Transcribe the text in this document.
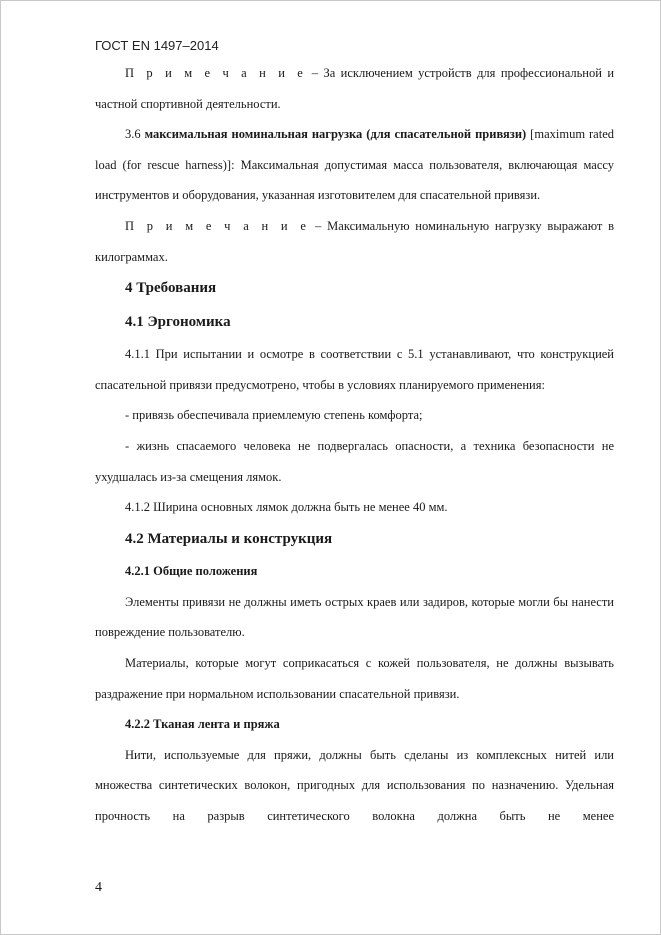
ГОСТ EN 1497–2014

П р и м е ч а н и е – За исключением устройств для профессиональной и частной спортивной деятельности.

3.6 максимальная номинальная нагрузка (для спасательной привязи) [maximum rated load (for rescue harness)]: Максимальная допустимая масса пользователя, включающая массу инструментов и оборудования, указанная изготовителем для спасательной привязи.

П р и м е ч а н и е – Максимальную номинальную нагрузку выражают в килограммах.

4 Требования
4.1 Эргономика

4.1.1 При испытании и осмотре в соответствии с 5.1 устанавливают, что конструкцией спасательной привязи предусмотрено, чтобы в условиях планируемого применения:

- привязь обеспечивала приемлемую степень комфорта;

- жизнь спасаемого человека не подвергалась опасности, а техника безопасности не ухудшалась из-за смещения лямок.

4.1.2 Ширина основных лямок должна быть не менее 40 мм.

4.2 Материалы и конструкция
4.2.1 Общие положения

Элементы привязи не должны иметь острых краев или задиров, которые могли бы нанести повреждение пользователю.

Материалы, которые могут соприкасаться с кожей пользователя, не должны вызывать раздражение при нормальном использовании спасательной привязи.

4.2.2 Тканая лента и пряжа

Нити, используемые для пряжи, должны быть сделаны из комплексных нитей или множества синтетических волокон, пригодных для использования по назначению. Удельная прочность на разрыв синтетического волокна должна быть не менее

4
